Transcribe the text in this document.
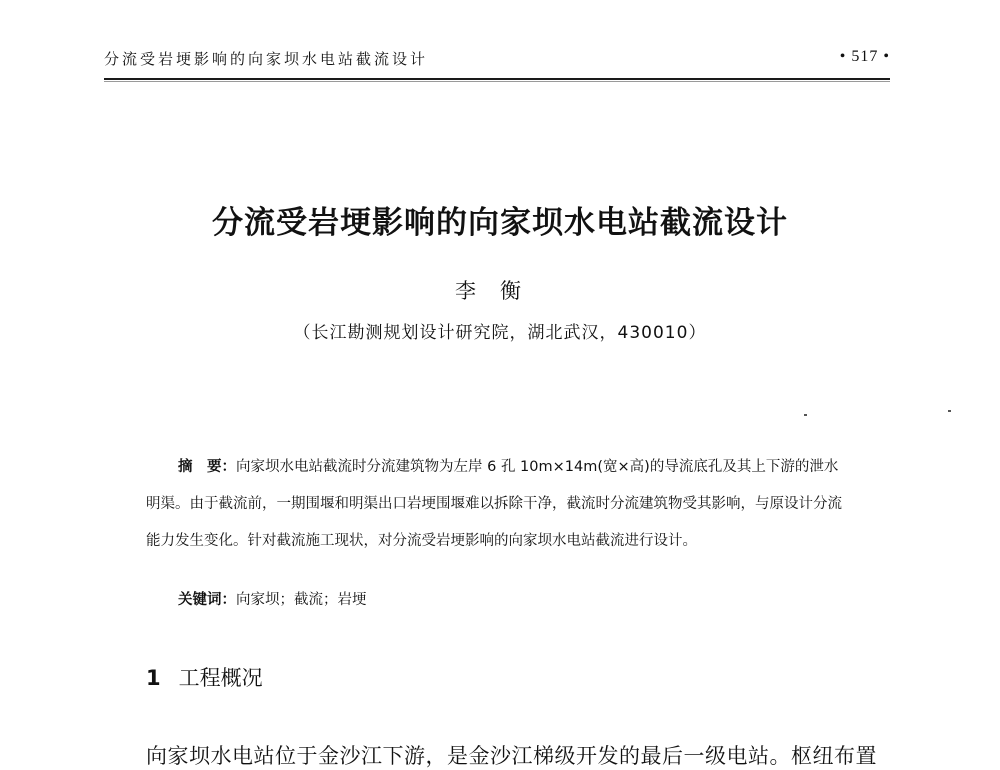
分流受岩埂影响的向家坝水电站截流设计	• 517 •
分流受岩埂影响的向家坝水电站截流设计
李衡
（长江勘测规划设计研究院，湖北武汉，430010）

摘　要：向家坝水电站截流时分流建筑物为左岸 6 孔 10m×14m(宽×高)的导流底孔及其上下游的泄水明渠。由于截流前，一期围堰和明渠出口岩埂围堰难以拆除干净，截流时分流建筑物受其影响，与原设计分流能力发生变化。针对截流施工现状，对分流受岩埂影响的向家坝水电站截流进行设计。

关键词：向家坝；截流；岩埂
1 工程概况
向家坝水电站位于金沙江下游，是金沙江梯级开发的最后一级电站。枢纽布置
